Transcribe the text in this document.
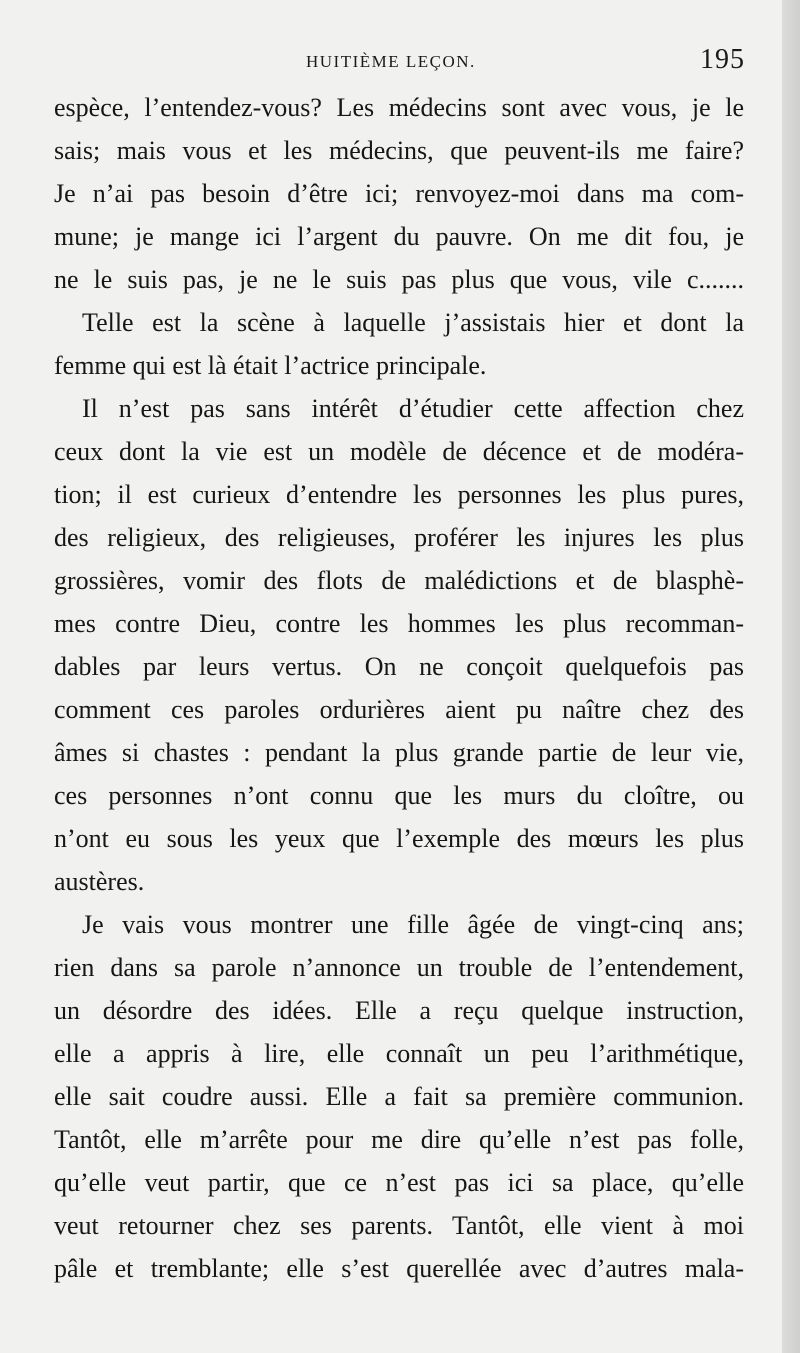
HUITIÈME LEÇON.	195
espèce, l’entendez-vous? Les médecins sont avec vous, je le
sais; mais vous et les médecins, que peuvent-ils me faire?
Je n’ai pas besoin d’être ici; renvoyez-moi dans ma com-
mune; je mange ici l’argent du pauvre. On me dit fou, je
ne le suis pas, je ne le suis pas plus que vous, vile c.......
Telle est la scène à laquelle j’assistais hier et dont la
femme qui est là était l’actrice principale.
Il n’est pas sans intérêt d’étudier cette affection chez
ceux dont la vie est un modèle de décence et de modéra-
tion; il est curieux d’entendre les personnes les plus pures,
des religieux, des religieuses, proférer les injures les plus
grossières, vomir des flots de malédictions et de blasphè-
mes contre Dieu, contre les hommes les plus recomman-
dables par leurs vertus. On ne conçoit quelquefois pas
comment ces paroles ordurières aient pu naître chez des
âmes si chastes : pendant la plus grande partie de leur vie,
ces personnes n’ont connu que les murs du cloître, ou
n’ont eu sous les yeux que l’exemple des mœurs les plus
austères.
Je vais vous montrer une fille âgée de vingt-cinq ans;
rien dans sa parole n’annonce un trouble de l’entendement,
un désordre des idées. Elle a reçu quelque instruction,
elle a appris à lire, elle connaît un peu l’arithmétique,
elle sait coudre aussi. Elle a fait sa première communion.
Tantôt, elle m’arrête pour me dire qu’elle n’est pas folle,
qu’elle veut partir, que ce n’est pas ici sa place, qu’elle
veut retourner chez ses parents. Tantôt, elle vient à moi
pâle et tremblante; elle s’est querellée avec d’autres mala-
